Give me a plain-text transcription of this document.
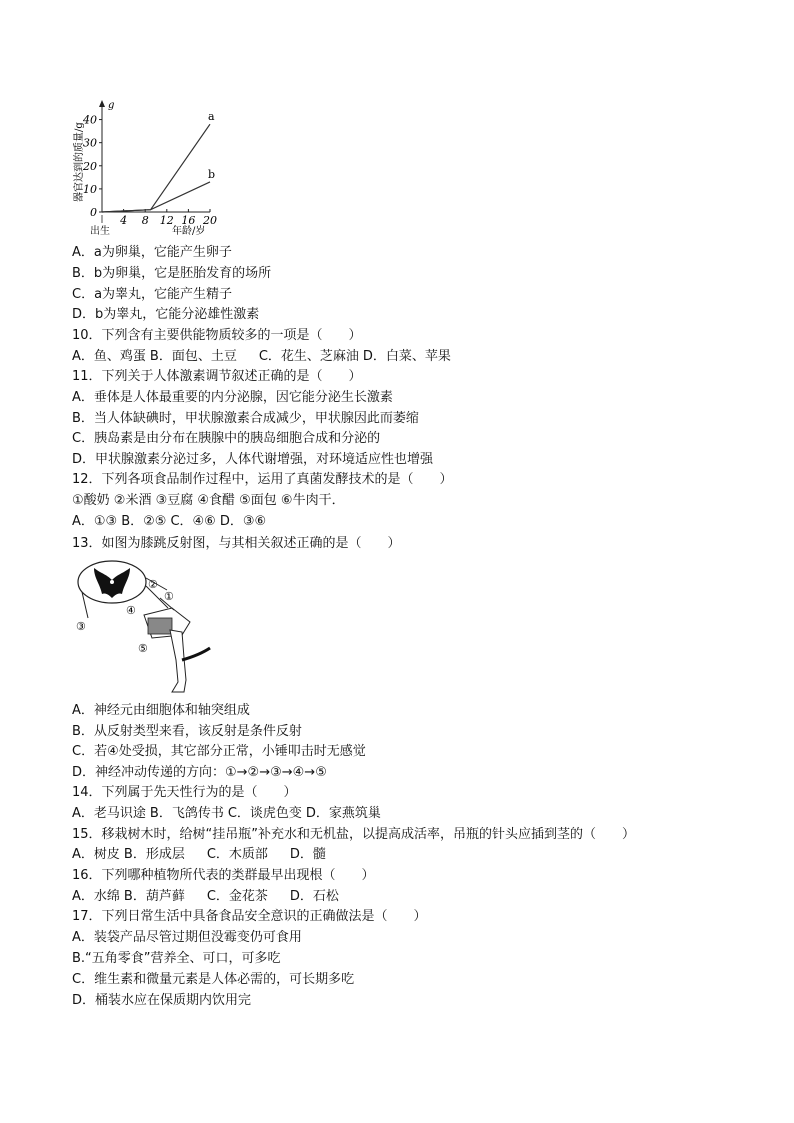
器官达到的质量/g
0
10
20
30
40
4 8 12 16 20
a
b
g
出生	年龄/岁
A．a为卵巢，它能产生卵子
B．b为卵巢，它是胚胎发育的场所
C．a为睾丸，它能产生精子
D．b为睾丸，它能分泌雄性激素
10．下列含有主要供能物质较多的一项是（　　）
A．鱼、鸡蛋 B．面包、土豆 C．花生、芝麻油 D．白菜、苹果
11．下列关于人体激素调节叙述正确的是（　　）
A．垂体是人体最重要的内分泌腺，因它能分泌生长激素
B．当人体缺碘时，甲状腺激素合成减少，甲状腺因此而萎缩
C．胰岛素是由分布在胰腺中的胰岛细胞合成和分泌的
D．甲状腺激素分泌过多，人体代谢增强，对环境适应性也增强
12．下列各项食品制作过程中，运用了真菌发酵技术的是（　　）
①酸奶 ②米酒 ③豆腐 ④食醋 ⑤面包 ⑥牛肉干．
A．①③ B．②⑤ C．④⑥ D．③⑥
13．如图为膝跳反射图，与其相关叙述正确的是（　　）
①
②
③
④
⑤
A．神经元由细胞体和轴突组成
B．从反射类型来看，该反射是条件反射
C．若④处受损，其它部分正常，小锤叩击时无感觉
D．神经冲动传递的方向：①→②→③→④→⑤
14．下列属于先天性行为的是（　　）
A．老马识途 B．飞鸽传书 C．谈虎色变 D．家燕筑巢
15．移栽树木时，给树“挂吊瓶”补充水和无机盐，以提高成活率，吊瓶的针头应插到茎的（　　）
A．树皮 B．形成层 C．木质部 D．髓
16．下列哪种植物所代表的类群最早出现根（　　）
A．水绵 B．葫芦藓 C．金花茶 D．石松
17．下列日常生活中具备食品安全意识的正确做法是（　　）
A．装袋产品尽管过期但没霉变仍可食用
B.“五角零食”营养全、可口，可多吃
C．维生素和微量元素是人体必需的，可长期多吃
D．桶装水应在保质期内饮用完
